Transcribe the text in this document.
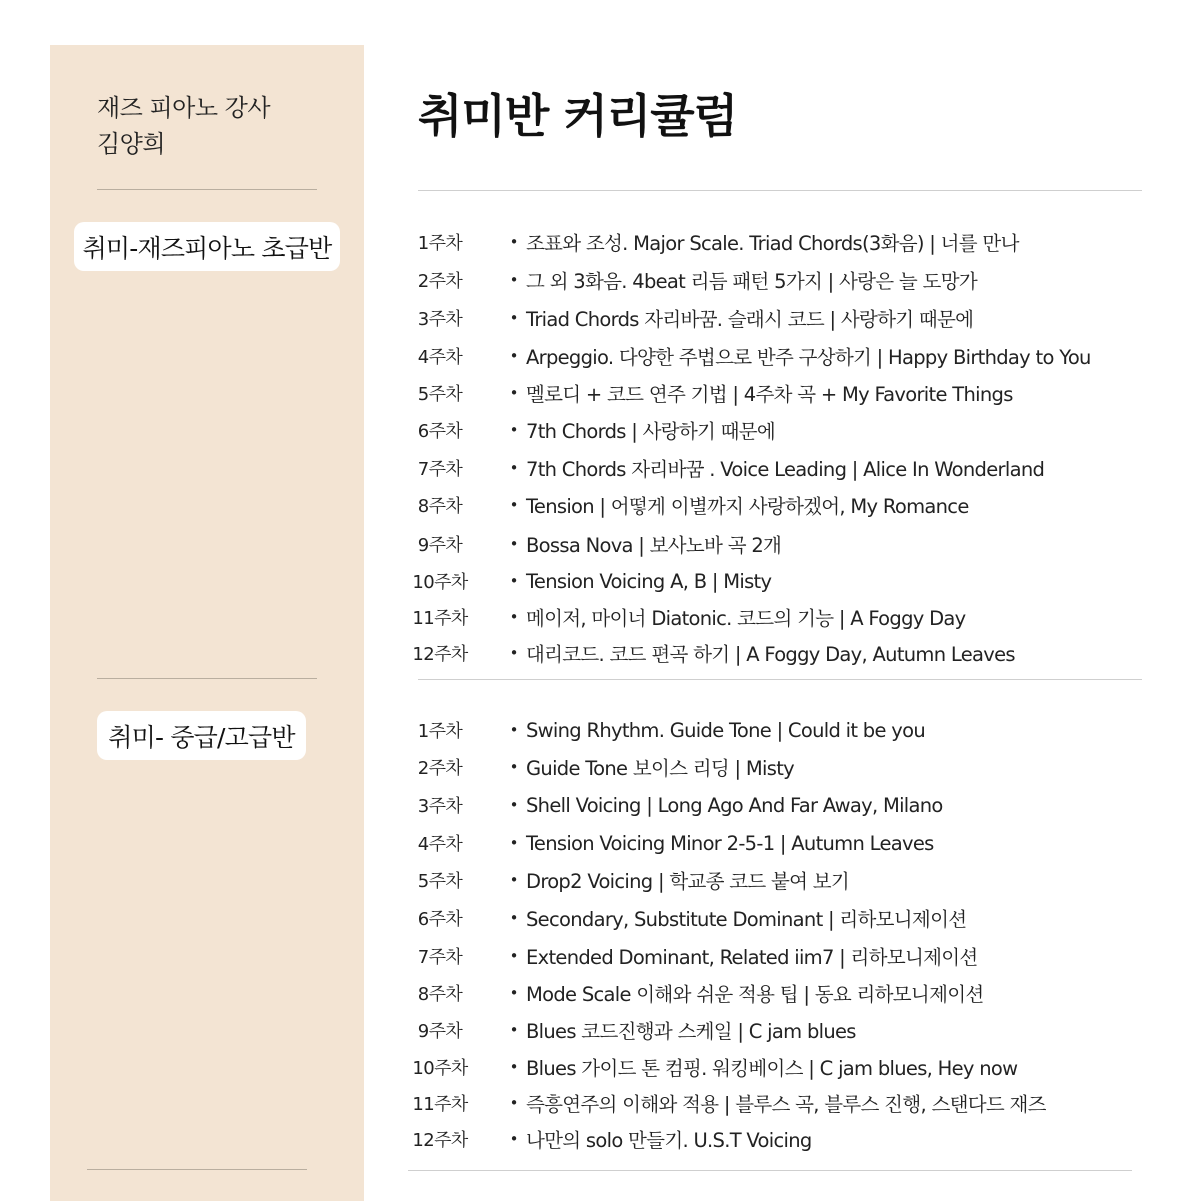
재즈 피아노 강사
김양희
취미-재즈피아노 초급반
취미- 중급/고급반
취미반 커리큘럼
1주차	• 조표와 조성. Major Scale. Triad Chords(3화음) | 너를 만나
2주차	• 그 외 3화음. 4beat 리듬 패턴 5가지 | 사랑은 늘 도망가
3주차	• Triad Chords 자리바꿈. 슬래시 코드 | 사랑하기 때문에
4주차	• Arpeggio. 다양한 주법으로 반주 구상하기 | Happy Birthday to You
5주차	• 멜로디 + 코드 연주 기법 | 4주차 곡 + My Favorite Things
6주차	• 7th Chords | 사랑하기 때문에
7주차	• 7th Chords 자리바꿈 . Voice Leading | Alice In Wonderland
8주차	• Tension | 어떻게 이별까지 사랑하겠어, My Romance
9주차	• Bossa Nova | 보사노바 곡 2개
10주차	• Tension Voicing A, B | Misty
11주차	• 메이저, 마이너 Diatonic. 코드의 기능 | A Foggy Day
12주차	• 대리코드. 코드 편곡 하기 | A Foggy Day, Autumn Leaves
1주차	• Swing Rhythm. Guide Tone | Could it be you
2주차	• Guide Tone 보이스 리딩 | Misty
3주차	• Shell Voicing | Long Ago And Far Away, Milano
4주차	• Tension Voicing Minor 2-5-1 | Autumn Leaves
5주차	• Drop2 Voicing | 학교종 코드 붙여 보기
6주차	• Secondary, Substitute Dominant | 리하모니제이션
7주차	• Extended Dominant, Related iim7 | 리하모니제이션
8주차	• Mode Scale 이해와 쉬운 적용 팁 | 동요 리하모니제이션
9주차	• Blues 코드진행과 스케일 | C jam blues
10주차	• Blues 가이드 톤 컴핑. 워킹베이스 | C jam blues, Hey now
11주차	• 즉흥연주의 이해와 적용 | 블루스 곡, 블루스 진행, 스탠다드 재즈
12주차	• 나만의 solo 만들기. U.S.T Voicing
